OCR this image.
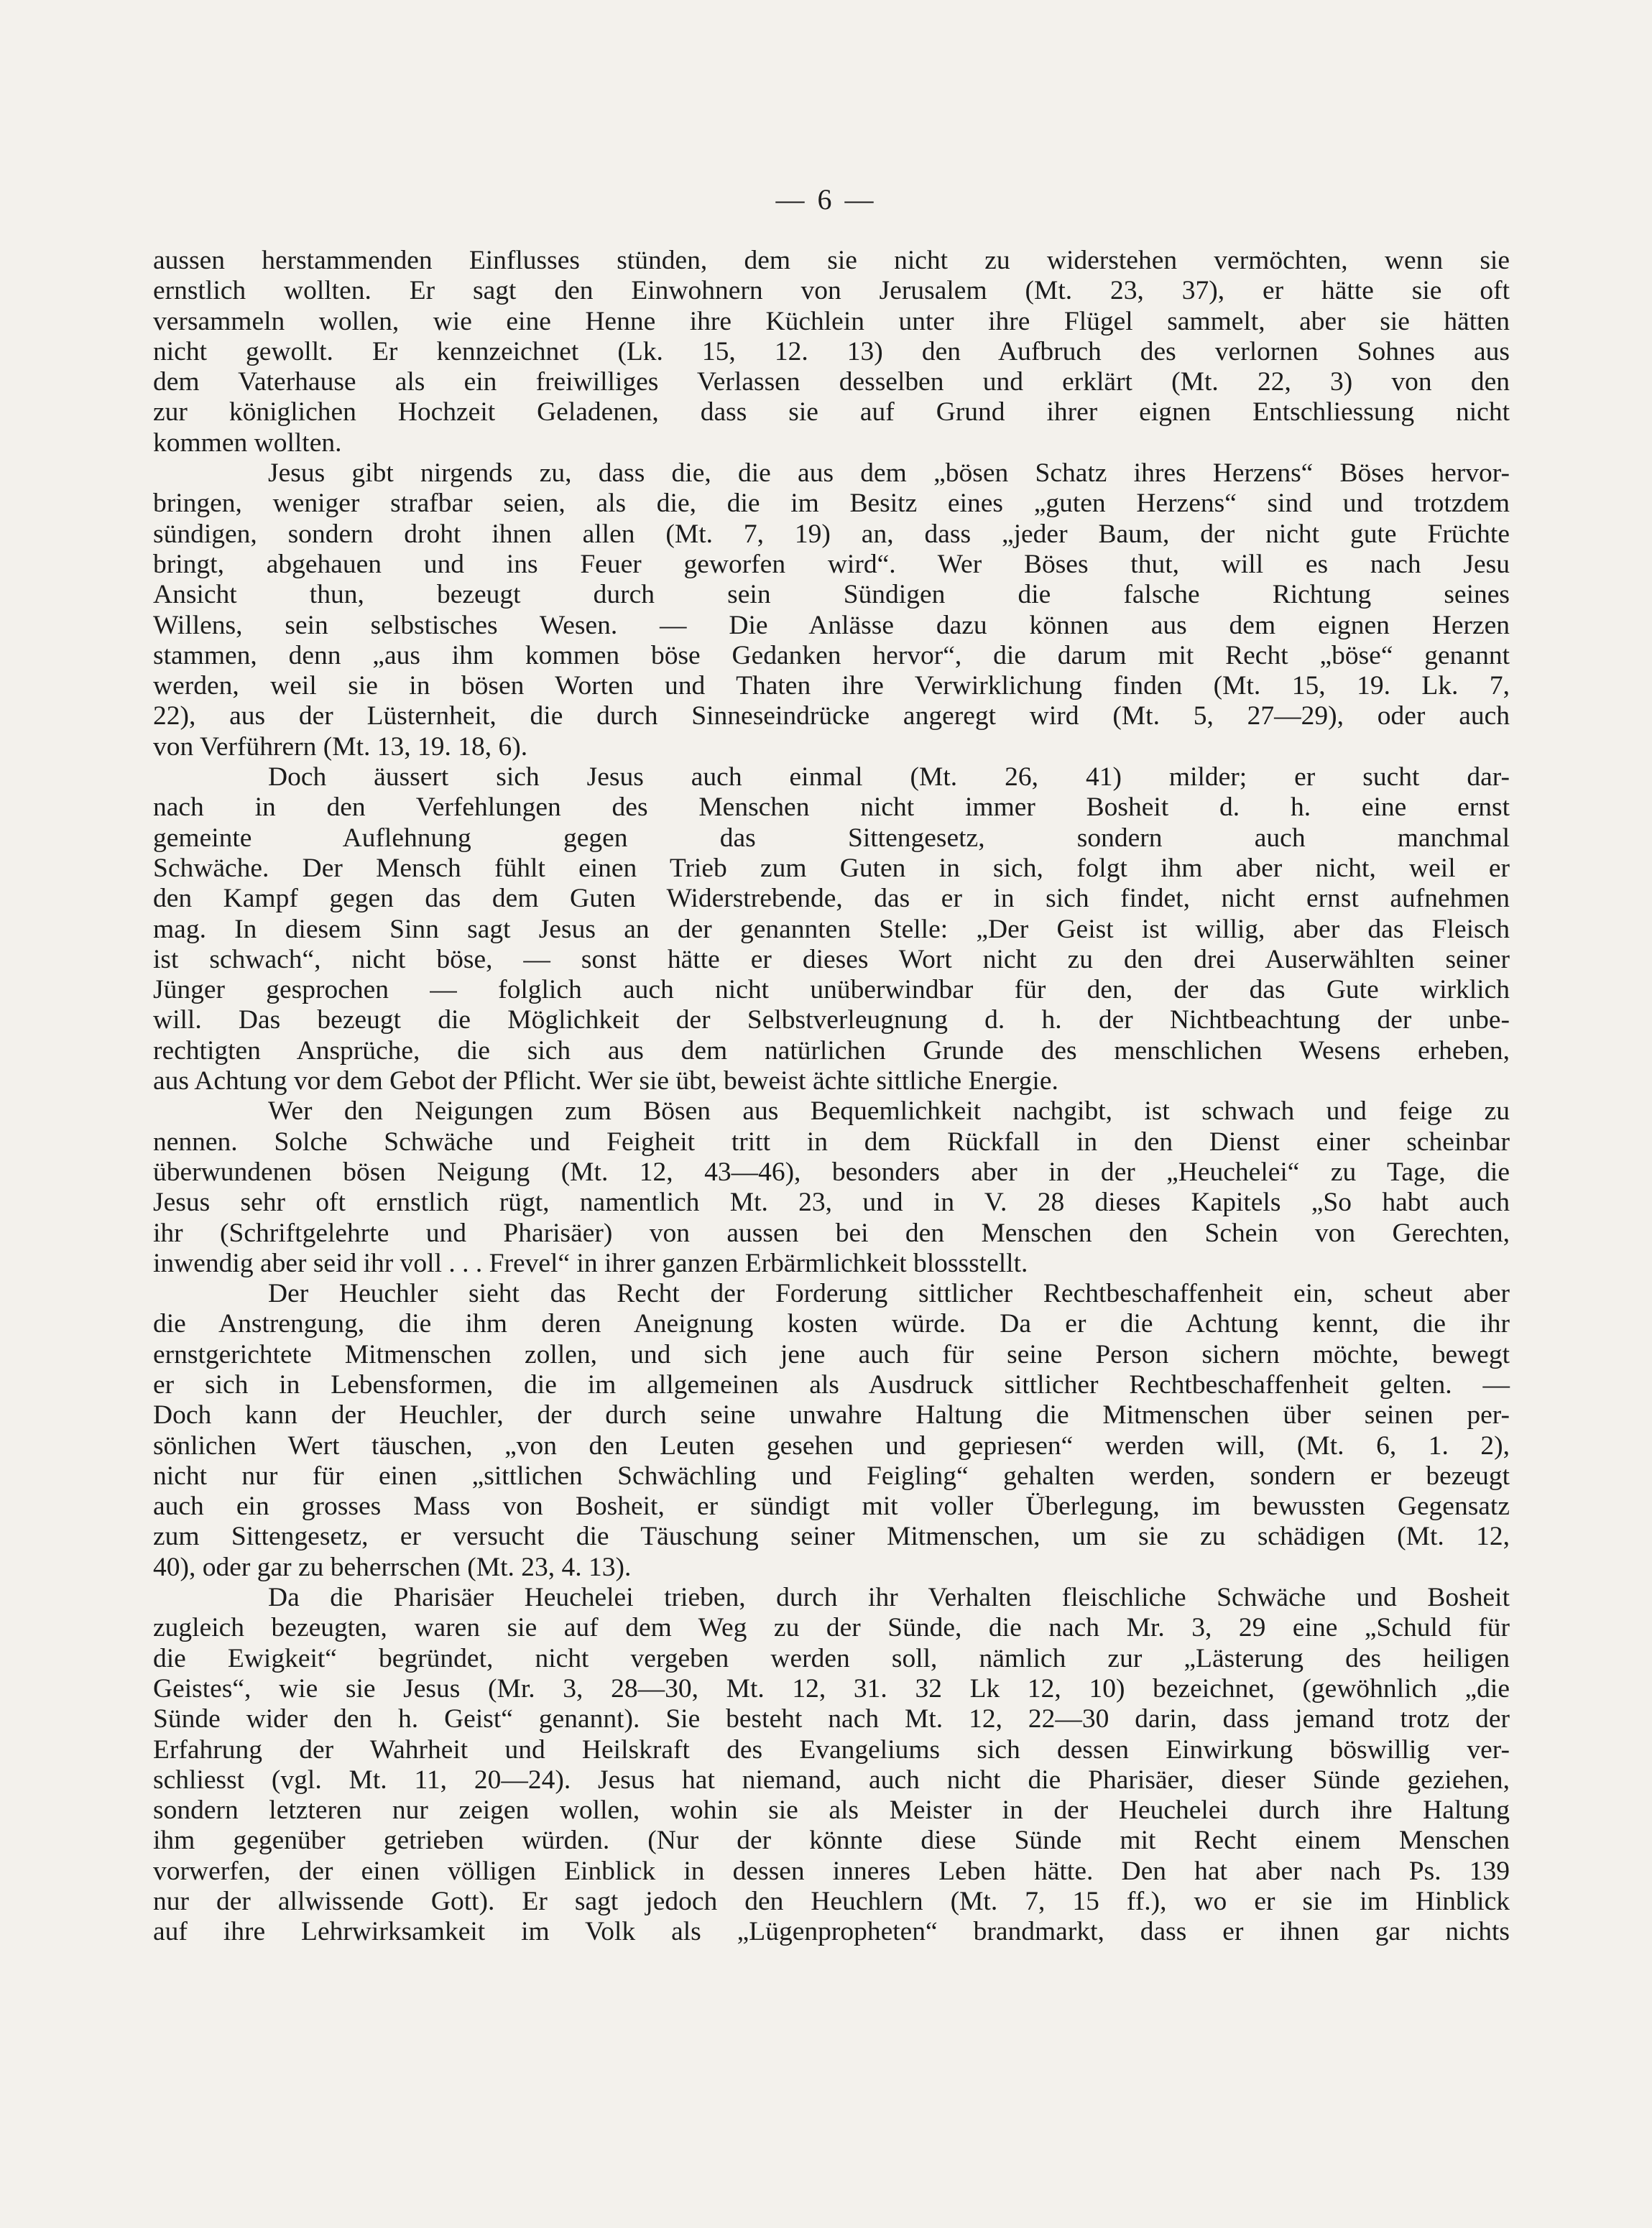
— 6 —
aussen herstammenden Einflusses stünden, dem sie nicht zu widerstehen vermöchten, wenn sie
ernstlich wollten. Er sagt den Einwohnern von Jerusalem (Mt. 23, 37), er hätte sie oft
versammeln wollen, wie eine Henne ihre Küchlein unter ihre Flügel sammelt, aber sie hätten
nicht gewollt. Er kennzeichnet (Lk. 15, 12. 13) den Aufbruch des verlornen Sohnes aus
dem Vaterhause als ein freiwilliges Verlassen desselben und erklärt (Mt. 22, 3) von den
zur königlichen Hochzeit Geladenen, dass sie auf Grund ihrer eignen Entschliessung nicht
kommen wollten.
Jesus gibt nirgends zu, dass die, die aus dem „bösen Schatz ihres Herzens“ Böses hervor-
bringen, weniger strafbar seien, als die, die im Besitz eines „guten Herzens“ sind und trotzdem
sündigen, sondern droht ihnen allen (Mt. 7, 19) an, dass „jeder Baum, der nicht gute Früchte
bringt, abgehauen und ins Feuer geworfen wird“. Wer Böses thut, will es nach Jesu
Ansicht thun, bezeugt durch sein Sündigen die falsche Richtung seines
Willens, sein selbstisches Wesen. — Die Anlässe dazu können aus dem eignen Herzen
stammen, denn „aus ihm kommen böse Gedanken hervor“, die darum mit Recht „böse“ genannt
werden, weil sie in bösen Worten und Thaten ihre Verwirklichung finden (Mt. 15, 19. Lk. 7,
22), aus der Lüsternheit, die durch Sinneseindrücke angeregt wird (Mt. 5, 27—29), oder auch
von Verführern (Mt. 13, 19. 18, 6).
Doch äussert sich Jesus auch einmal (Mt. 26, 41) milder; er sucht dar-
nach in den Verfehlungen des Menschen nicht immer Bosheit d. h. eine ernst
gemeinte Auflehnung gegen das Sittengesetz, sondern auch manchmal
Schwäche. Der Mensch fühlt einen Trieb zum Guten in sich, folgt ihm aber nicht, weil er
den Kampf gegen das dem Guten Widerstrebende, das er in sich findet, nicht ernst aufnehmen
mag. In diesem Sinn sagt Jesus an der genannten Stelle: „Der Geist ist willig, aber das Fleisch
ist schwach“, nicht böse, — sonst hätte er dieses Wort nicht zu den drei Auserwählten seiner
Jünger gesprochen — folglich auch nicht unüberwindbar für den, der das Gute wirklich
will. Das bezeugt die Möglichkeit der Selbstverleugnung d. h. der Nichtbeachtung der unbe-
rechtigten Ansprüche, die sich aus dem natürlichen Grunde des menschlichen Wesens erheben,
aus Achtung vor dem Gebot der Pflicht. Wer sie übt, beweist ächte sittliche Energie.
Wer den Neigungen zum Bösen aus Bequemlichkeit nachgibt, ist schwach und feige zu
nennen. Solche Schwäche und Feigheit tritt in dem Rückfall in den Dienst einer scheinbar
überwundenen bösen Neigung (Mt. 12, 43—46), besonders aber in der „Heuchelei“ zu Tage, die
Jesus sehr oft ernstlich rügt, namentlich Mt. 23, und in V. 28 dieses Kapitels „So habt auch
ihr (Schriftgelehrte und Pharisäer) von aussen bei den Menschen den Schein von Gerechten,
inwendig aber seid ihr voll . . . Frevel“ in ihrer ganzen Erbärmlichkeit blossstellt.
Der Heuchler sieht das Recht der Forderung sittlicher Rechtbeschaffenheit ein, scheut aber
die Anstrengung, die ihm deren Aneignung kosten würde. Da er die Achtung kennt, die ihr
ernstgerichtete Mitmenschen zollen, und sich jene auch für seine Person sichern möchte, bewegt
er sich in Lebensformen, die im allgemeinen als Ausdruck sittlicher Rechtbeschaffenheit gelten. —
Doch kann der Heuchler, der durch seine unwahre Haltung die Mitmenschen über seinen per-
sönlichen Wert täuschen, „von den Leuten gesehen und gepriesen“ werden will, (Mt. 6, 1. 2),
nicht nur für einen „sittlichen Schwächling und Feigling“ gehalten werden, sondern er bezeugt
auch ein grosses Mass von Bosheit, er sündigt mit voller Überlegung, im bewussten Gegensatz
zum Sittengesetz, er versucht die Täuschung seiner Mitmenschen, um sie zu schädigen (Mt. 12,
40), oder gar zu beherrschen (Mt. 23, 4. 13).
Da die Pharisäer Heuchelei trieben, durch ihr Verhalten fleischliche Schwäche und Bosheit
zugleich bezeugten, waren sie auf dem Weg zu der Sünde, die nach Mr. 3, 29 eine „Schuld für
die Ewigkeit“ begründet, nicht vergeben werden soll, nämlich zur „Lästerung des heiligen
Geistes“, wie sie Jesus (Mr. 3, 28—30, Mt. 12, 31. 32 Lk 12, 10) bezeichnet, (gewöhnlich „die
Sünde wider den h. Geist“ genannt). Sie besteht nach Mt. 12, 22—30 darin, dass jemand trotz der
Erfahrung der Wahrheit und Heilskraft des Evangeliums sich dessen Einwirkung böswillig ver-
schliesst (vgl. Mt. 11, 20—24). Jesus hat niemand, auch nicht die Pharisäer, dieser Sünde geziehen,
sondern letzteren nur zeigen wollen, wohin sie als Meister in der Heuchelei durch ihre Haltung
ihm gegenüber getrieben würden. (Nur der könnte diese Sünde mit Recht einem Menschen
vorwerfen, der einen völligen Einblick in dessen inneres Leben hätte. Den hat aber nach Ps. 139
nur der allwissende Gott). Er sagt jedoch den Heuchlern (Mt. 7, 15 ff.), wo er sie im Hinblick
auf ihre Lehrwirksamkeit im Volk als „Lügenpropheten“ brandmarkt, dass er ihnen gar nichts
